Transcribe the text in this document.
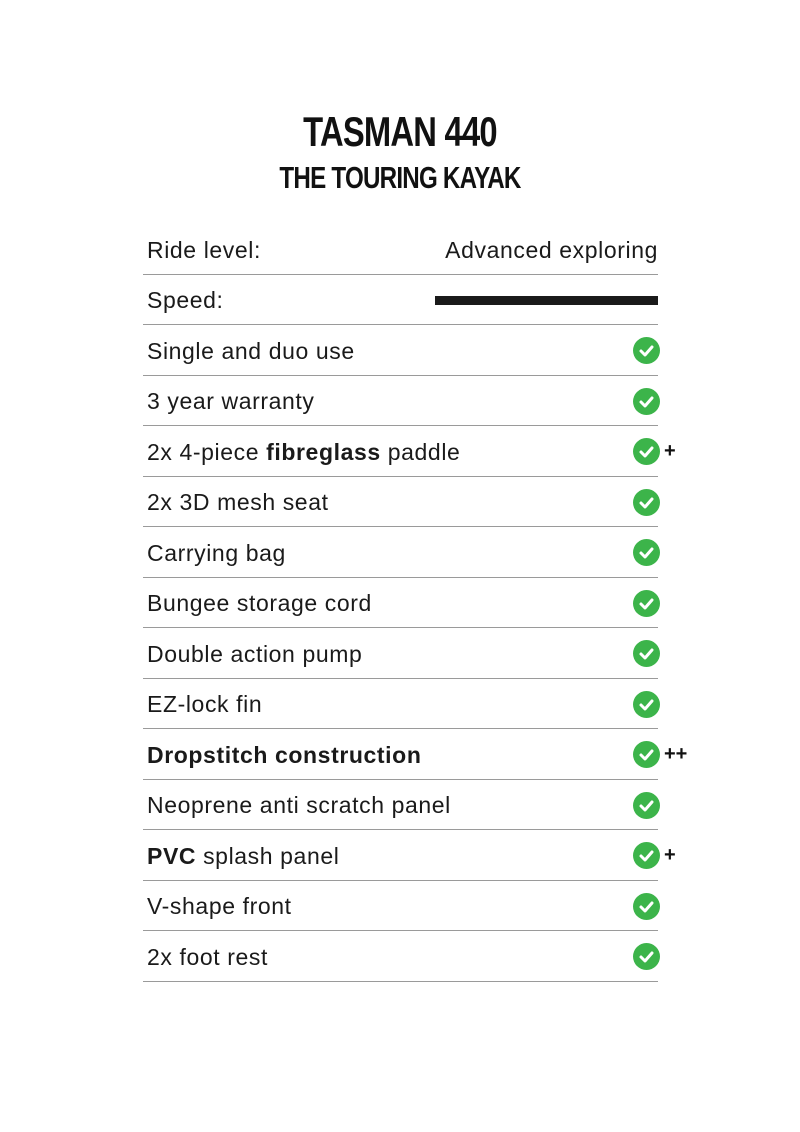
TASMAN 440
THE TOURING KAYAK
Ride level:	Advanced exploring
Speed:
Single and duo use
3 year warranty
2x 4-piece fibreglass paddle	+
2x 3D mesh seat
Carrying bag
Bungee storage cord
Double action pump
EZ-lock fin
Dropstitch construction	++
Neoprene anti scratch panel
PVC splash panel	+
V-shape front
2x foot rest
